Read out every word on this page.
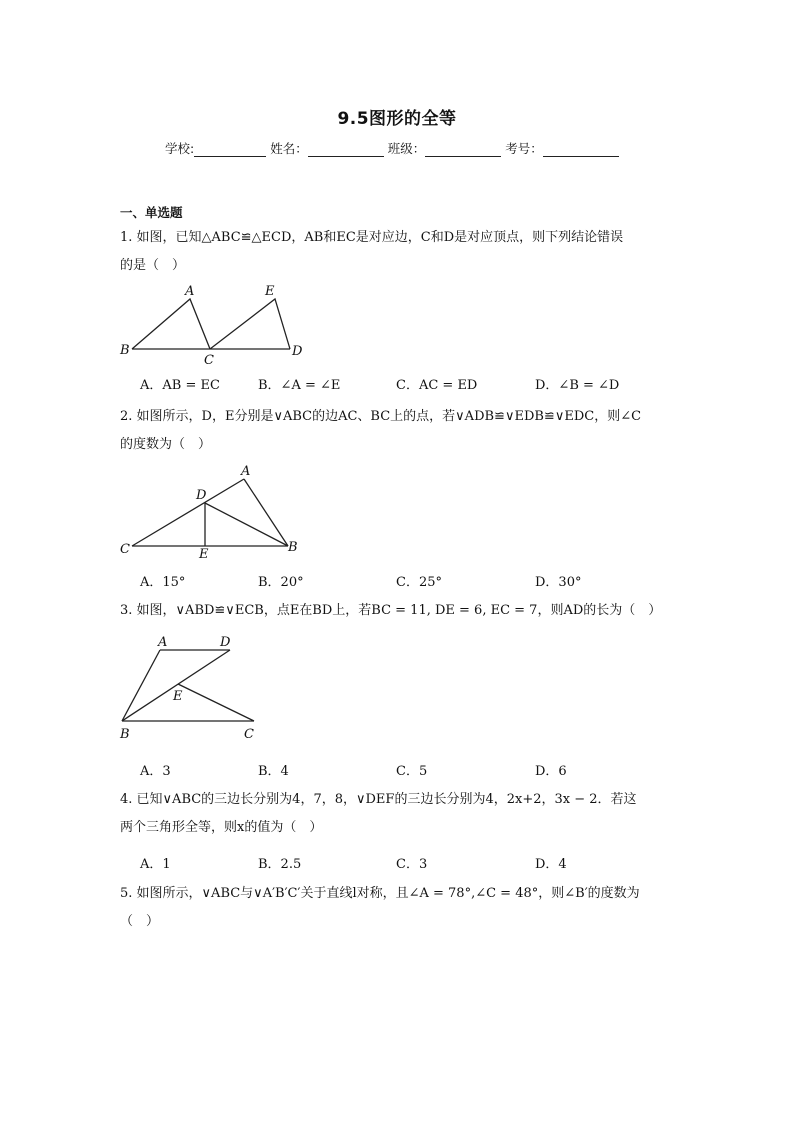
9.5图形的全等
学校:	姓名：	班级：	考号：
一、单选题
1. 如图，已知△ABC≌△ECD，AB和EC是对应边，C和D是对应顶点，则下列结论错误
的是（　）
A
B
C
E
D
A．AB = EC	B．∠A = ∠E	C．AC = ED	D．∠B = ∠D
2. 如图所示，D，E分别是∨ABC的边AC、BC上的点，若∨ADB≌∨EDB≌∨EDC，则∠C
的度数为（　）
A
D
C	E	B
A．15°	B．20°	C．25°	D．30°
3. 如图，∨ABD≌∨ECB，点E在BD上，若BC = 11, DE = 6, EC = 7，则AD的长为（　）
A	D
E
B	C
A．3	B．4	C．5	D．6
4. 已知∨ABC的三边长分别为4，7，8，∨DEF的三边长分别为4，2x+2，3x − 2．若这
两个三角形全等，则x的值为（　）
A．1	B．2.5	C．3	D．4
5. 如图所示，∨ABC与∨A′B′C′关于直线l对称，且∠A = 78°,∠C = 48°，则∠B′的度数为
（　）
